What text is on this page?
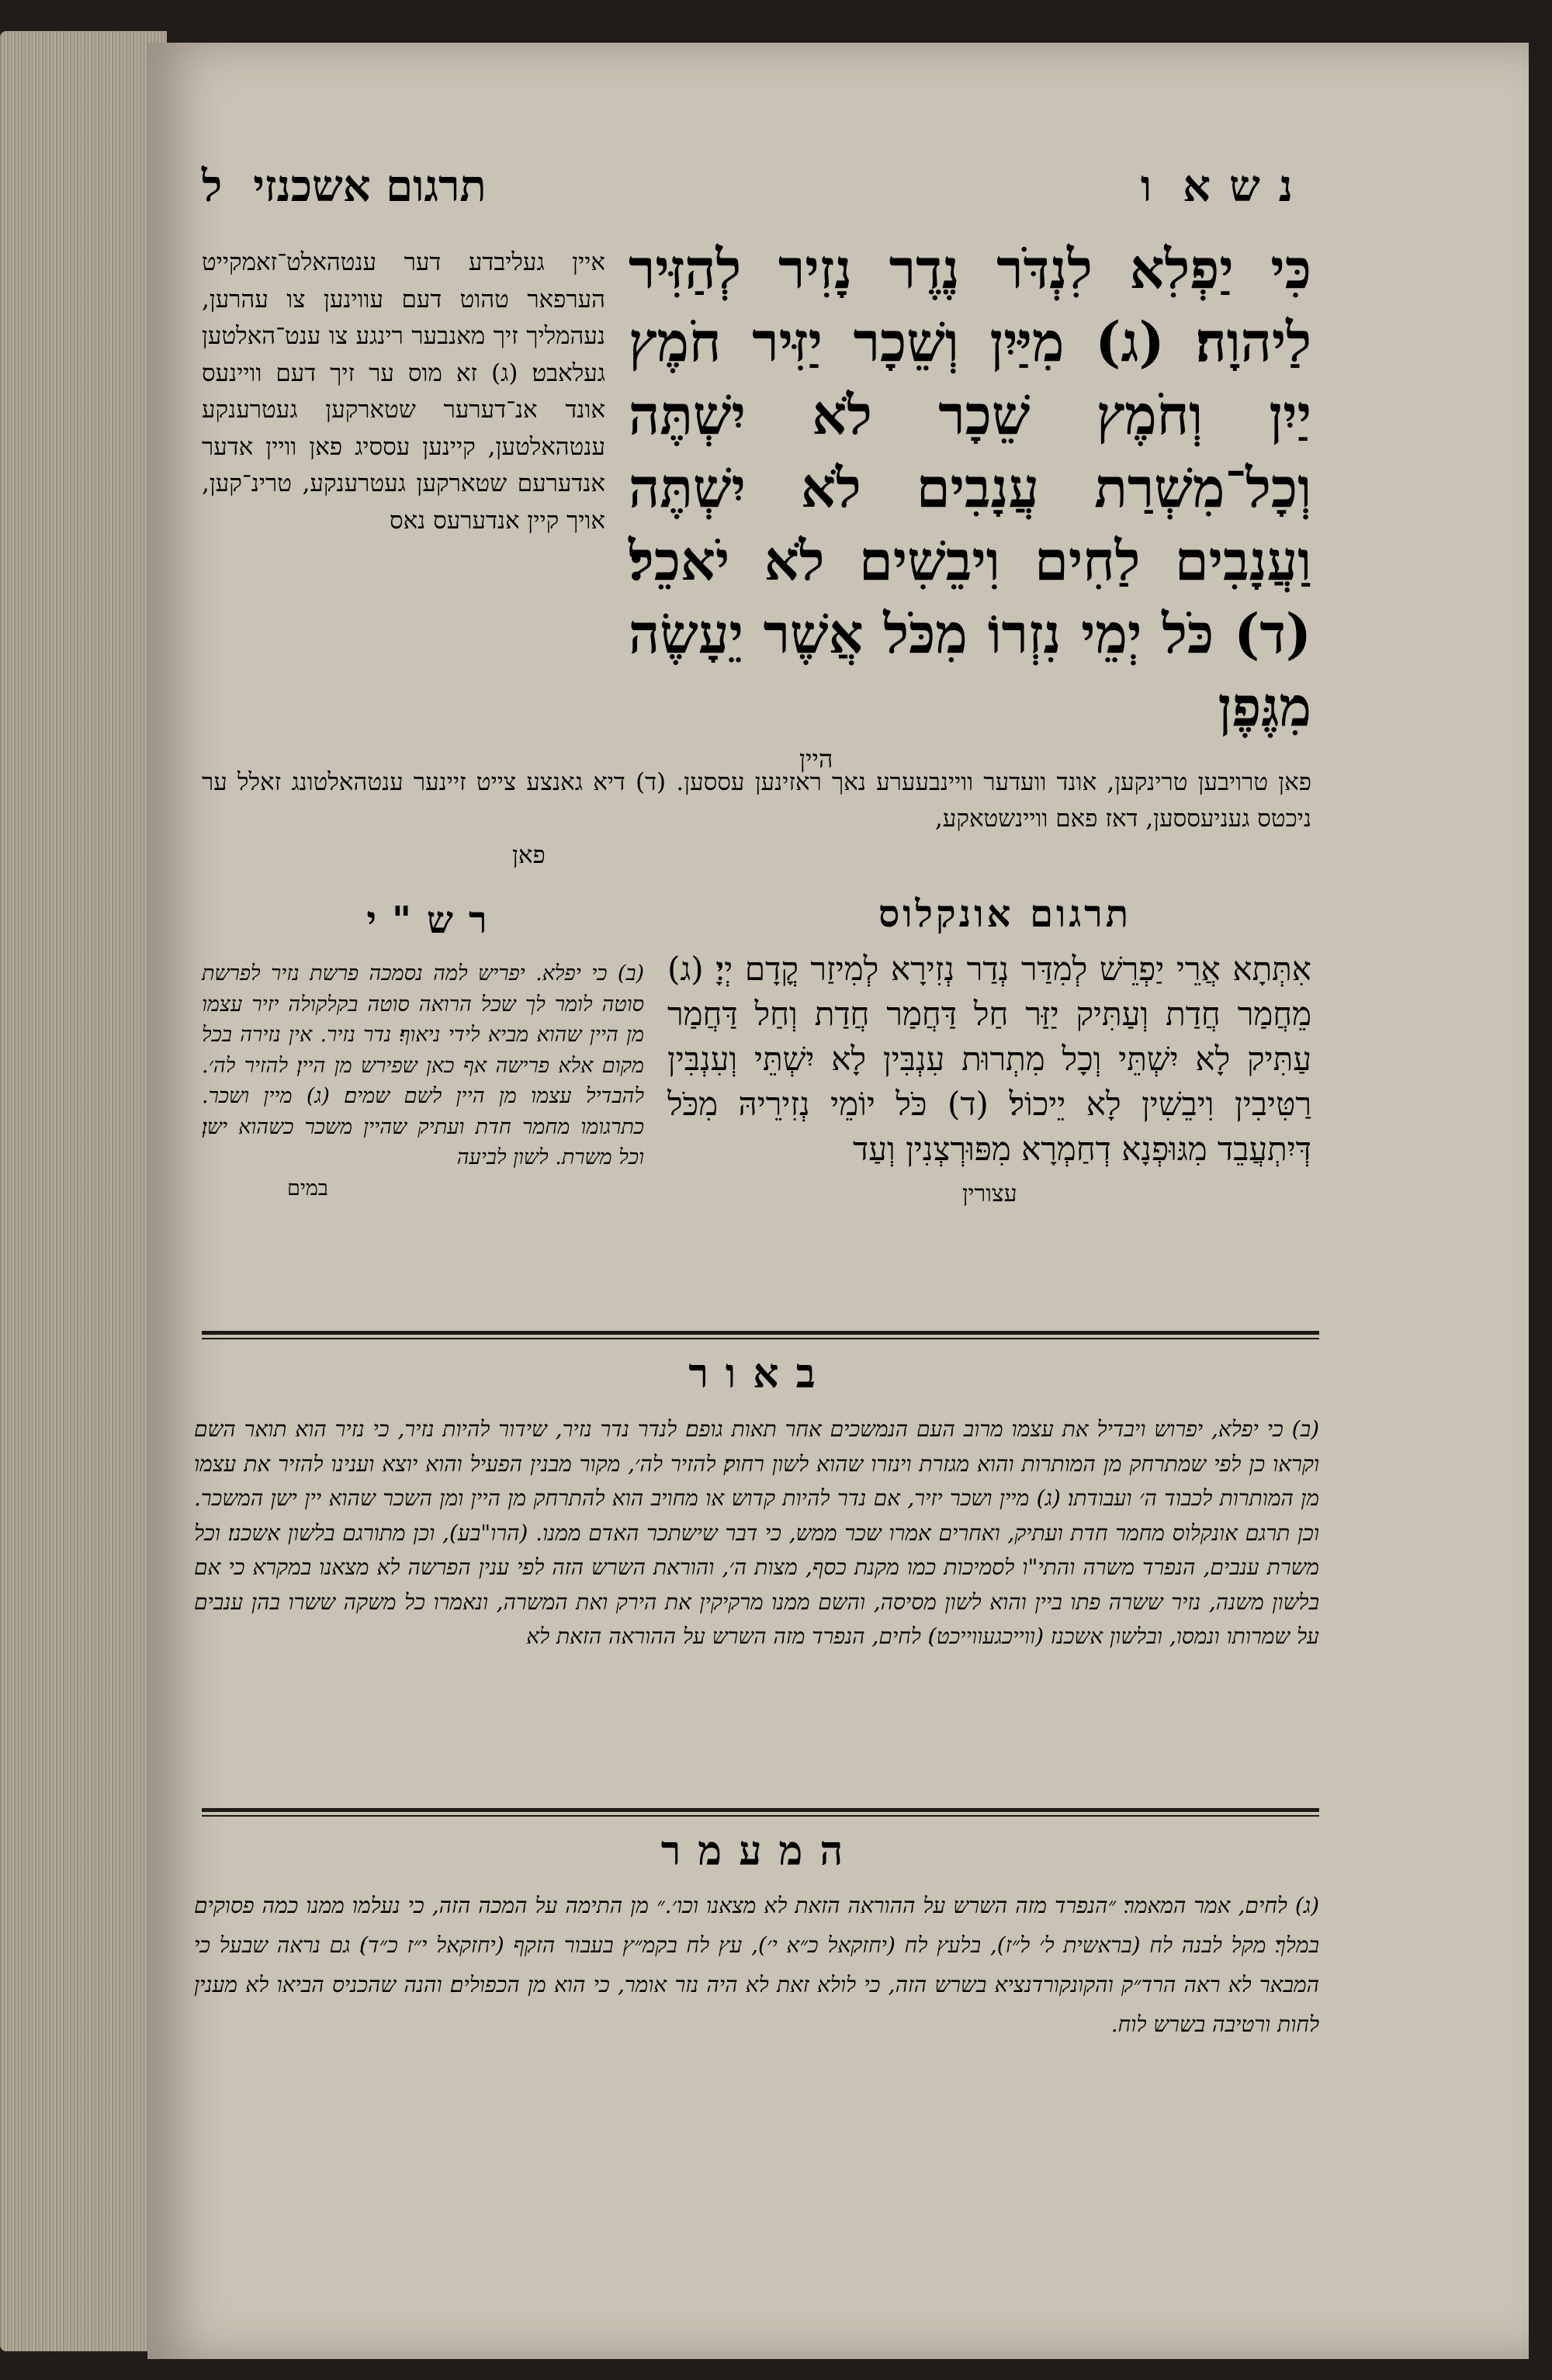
תרגום אשכנזי
ל	נשא
ו
כִּי יַפְלִא לִנְדֹּר נֶדֶר נָזִיר לְהַזִּיר לַיהוָה׃ (ג) מִיַּיִן וְשֵׁכָר יַזִּיר חֹמֶץ יַיִן וְחֹמֶץ שֵׁכָר לֹא יִשְׁתֶּה וְכָל־מִשְׁרַת עֲנָבִים לֹא יִשְׁתֶּה וַעֲנָבִים לַחִים וִיבֵשִׁים לֹא יֹאכֵל׃ (ד) כֹּל יְמֵי נִזְרוֹ מִכֹּל אֲשֶׁר יֵעָשֶׂה מִגֶּפֶן
היין
איין געליבדע דער ענטהאלט־זאמקייט הערפאר טהוט דעם עווינען צו עהרען, נעהמליך זיך מאנבער רינגע צו ענט־האלטען געלאבט׃ (ג) זא מוס ער זיך דעם וויינעס אונד אנ־דערער שטארקען געטרענקע ענטהאלטען, קיינען עססיג פאן וויין אדער אנדערעם שטארקען געטרענקע, טרינ־קען, אויך קיין אנדערעס נאס
פאן טרויבען טרינקען, אונד וועדער וויינבעערע נאך ראזינען עססען. (ד) דיא גאנצע צייט זיינער ענטהאלטונג זאלל ער ניכטס געניעססען, דאז פאם וויינשטאקע,
פאן
תרגום אונקלוס
רש"י
אִתְּתָא אֲרֵי יַפְרֵשׁ לְמִדַּר נְדַר נְזִירָא לְמִיזַר קֳדָם יְיָ׃ (ג) מֵחֲמַר חֲדַת וְעַתִּיק יַזַּר חַל דַּחֲמַר חֲדַת וְחַל דַּחֲמַר עַתִּיק לָא יִשְׁתֵּי וְכָל מִתְרוּת עִנְבִּין לָא יִשְׁתֵּי וְעִנְבִּין רַטִּיבִין וִיבֵשִׁין לָא יֵיכוֹל׃ (ד) כֹּל יוֹמֵי נְזִירֵיהּ מִכֹּל דְּיִתְעֲבֵד מִגּוּפְנָא דְחַמְרָא מִפּוּרְצְנִין וְעַד
עצורין
(ב) כי יפלא. יפריש למה נסמכה פרשת נזיר לפרשת סוטה לומר לך שכל הרואה סוטה בקלקולה יזיר עצמו מן היין שהוא מביא לידי ניאוף׃ נדר נזיר. אין נזירה בכל מקום אלא פרישה אף כאן שפירש מן היין׃ להזיר לה׳. להבדיל עצמו מן היין לשם שמים׃ (ג) מיין ושכר. כתרגומו מחמר חדת ועתיק שהיין משכר כשהוא ישן׃ וכל משרת. לשון לביעה
במים
באור
(ב) כי יפלא, יפרוש ויבדיל את עצמו מרוב העם הנמשכים אחר תאות גופם׃ לנדר נדר נזיר, שידור להיות נזיר, כי נזיר הוא תואר השם וקראו כן לפי שמתרחק מן המותרות והוא מגזרת וינזרו שהוא לשון רחוק׃ להזיר לה׳, מקור מבנין הפעיל והוא יוצא וענינו להזיר את עצמו מן המותרות לכבוד ה׳ ועבודתו׃ (ג) מיין ושכר יזיר, אם נדר להיות קדוש או מחויב הוא להתרחק מן היין ומן השכר שהוא יין ישן המשכר. וכן תרגם אונקלוס מחמר חדת ועתיק, ואחרים אמרו שכר ממש, כי דבר שישתכר האדם ממנו. (הרו"בע), וכן מתורגם בלשון אשכנז׃ וכל משרת ענבים, הנפרד משרה והתי"ו לסמיכות כמו מקנת כסף, מצות ה׳, והוראת השרש הזה לפי ענין הפרשה לא מצאנו במקרא כי אם בלשון משנה, נזיר ששרה פתו ביין והוא לשון מסיסה, והשם ממנו מרקיקין את הירק ואת המשרה, ונאמרו כל משקה ששרו בהן ענבים על שמרותו ונמסו, ובלשון אשכנז (ווייכגעווייכט)׃ לחים, הנפרד מזה השרש על ההוראה הזאת לא
המעמר
(ג) לחים, אמר המאמר׃ ״הנפרד מזה השרש על ההוראה הזאת לא מצאנו וכו׳.״ מן התימה על המכה הזה, כי נעלמו ממנו כמה פסוקים במלך׃ מקל לבנה לח (בראשית ל׳ ל״ז), בלעץ לח (יחזקאל כ״א י׳), עץ לח בקמ״ץ בעבור הזקף (יחזקאל י״ז כ״ד)׃ גם נראה שבעל כי המבאר לא ראה הרד״ק והקונקורדנציא בשרש הזה, כי לולא זאת לא היה נזר אומר, כי הוא מן הכפולים׃ והנה שהכניס הביאו לא מענין לחות ורטיבה בשרש לוח.
